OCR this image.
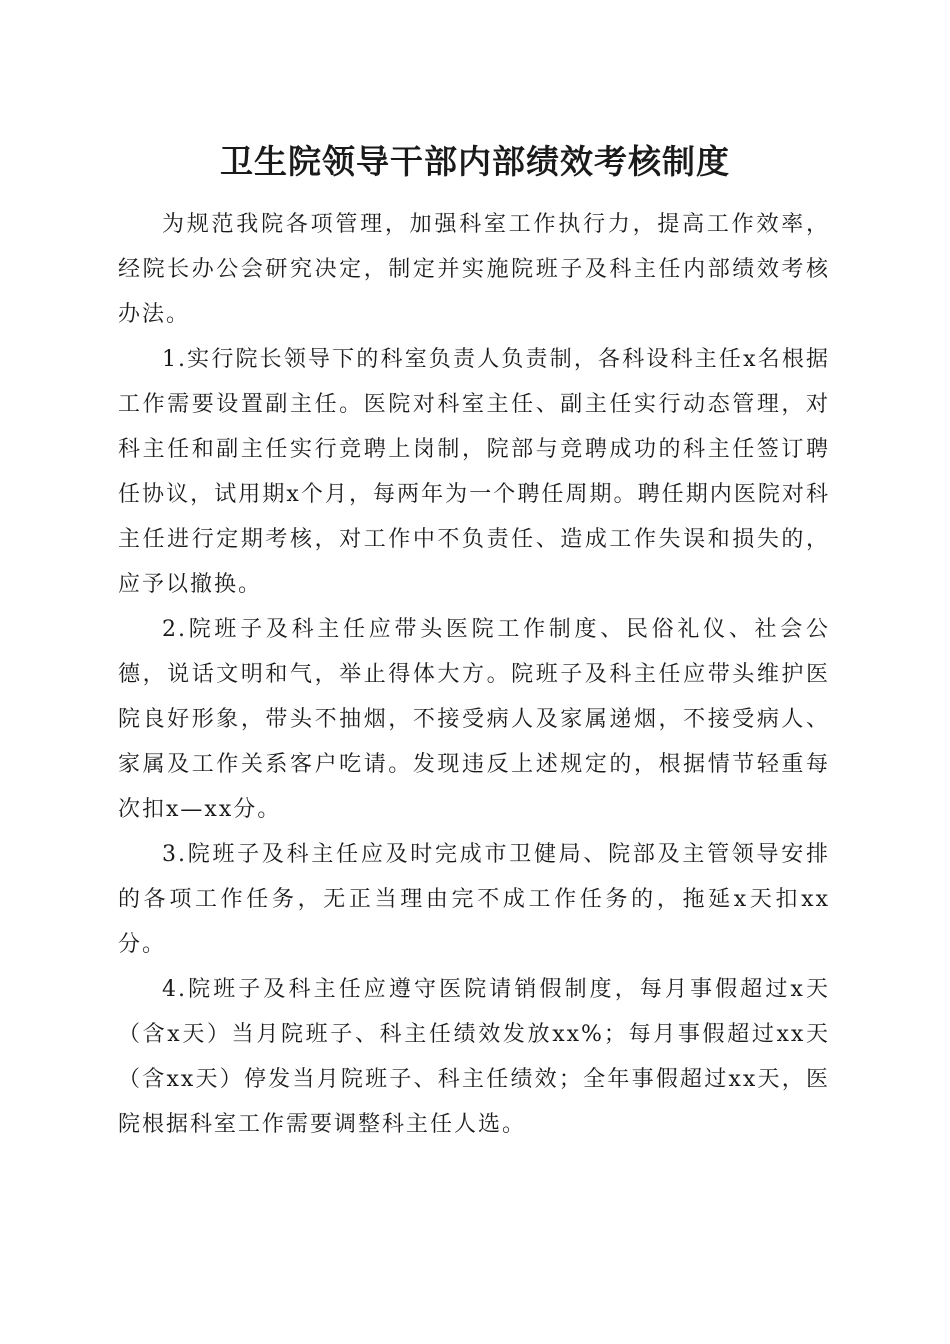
卫生院领导干部内部绩效考核制度

为规范我院各项管理，加强科室工作执行力，提高工作效率，经院长办公会研究决定，制定并实施院班子及科主任内部绩效考核办法。

1.实行院长领导下的科室负责人负责制，各科设科主任x名根据工作需要设置副主任。医院对科室主任、副主任实行动态管理，对科主任和副主任实行竞聘上岗制，院部与竞聘成功的科主任签订聘任协议，试用期x个月，每两年为一个聘任周期。聘任期内医院对科主任进行定期考核，对工作中不负责任、造成工作失误和损失的，应予以撤换。

2.院班子及科主任应带头医院工作制度、民俗礼仪、社会公德，说话文明和气，举止得体大方。院班子及科主任应带头维护医院良好形象，带头不抽烟，不接受病人及家属递烟，不接受病人、家属及工作关系客户吃请。发现违反上述规定的，根据情节轻重每次扣x—xx分。

3.院班子及科主任应及时完成市卫健局、院部及主管领导安排的各项工作任务，无正当理由完不成工作任务的，拖延x天扣xx分。

4.院班子及科主任应遵守医院请销假制度，每月事假超过x天（含x天）当月院班子、科主任绩效发放xx%；每月事假超过xx天（含xx天）停发当月院班子、科主任绩效；全年事假超过xx天，医院根据科室工作需要调整科主任人选。
